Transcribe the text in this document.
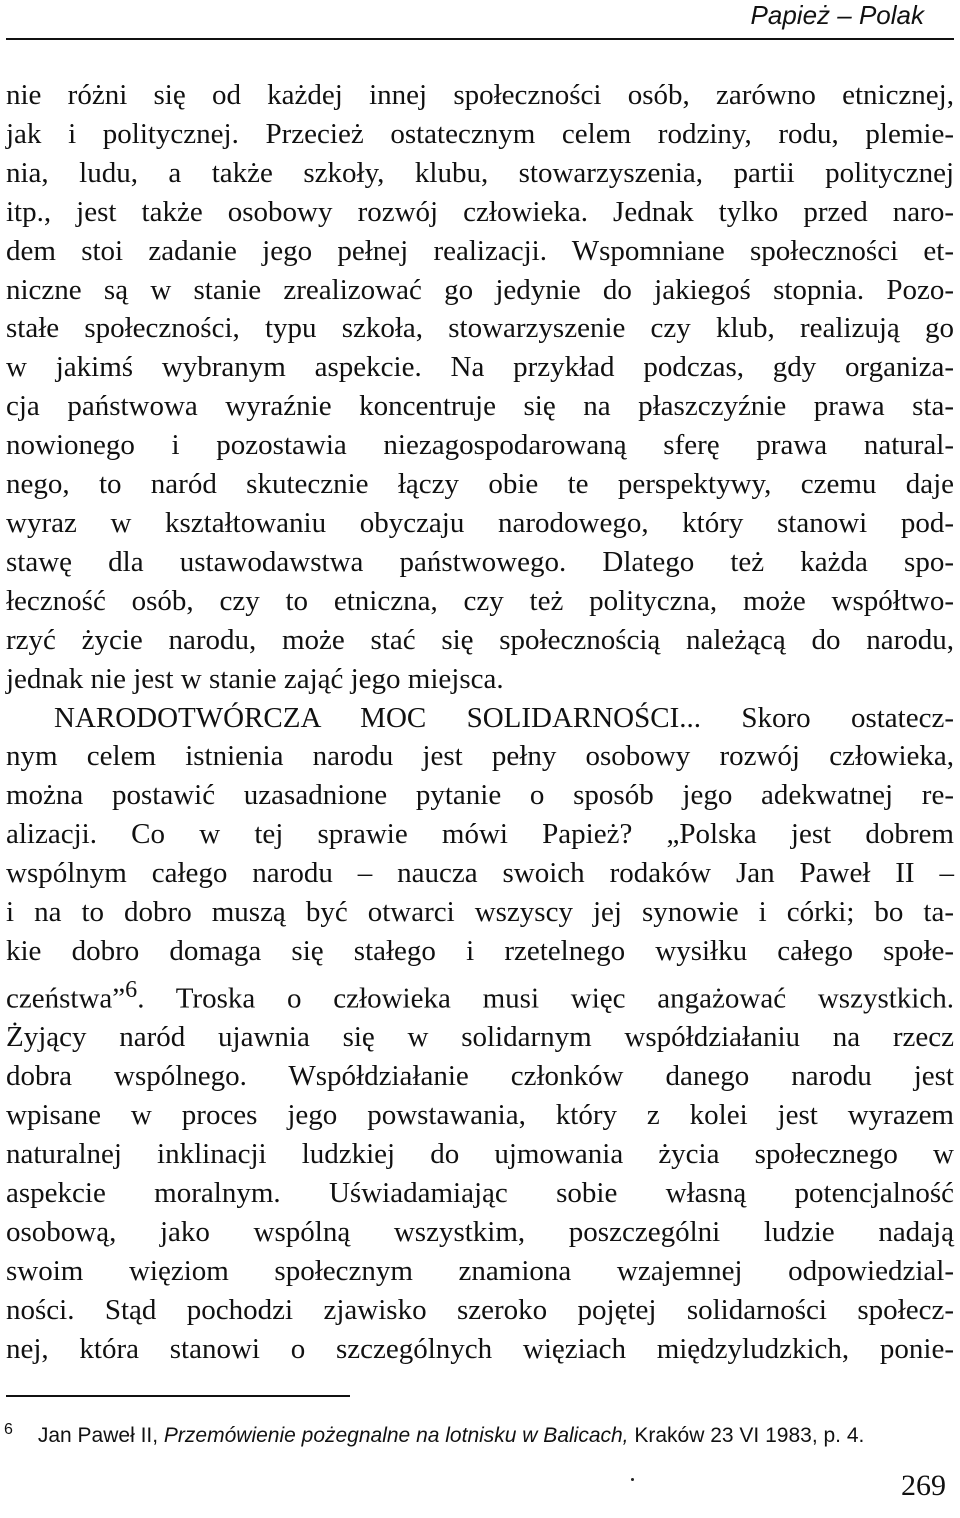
Papież – Polak
nie różni się od każdej innej społeczności osób, zarówno etnicznej,
jak i politycznej. Przecież ostatecznym celem rodziny, rodu, plemie-
nia, ludu, a także szkoły, klubu, stowarzyszenia, partii politycznej
itp., jest także osobowy rozwój człowieka. Jednak tylko przed naro-
dem stoi zadanie jego pełnej realizacji. Wspomniane społeczności et-
niczne są w stanie zrealizować go jedynie do jakiegoś stopnia. Pozo-
stałe społeczności, typu szkoła, stowarzyszenie czy klub, realizują go
w jakimś wybranym aspekcie. Na przykład podczas, gdy organiza-
cja państwowa wyraźnie koncentruje się na płaszczyźnie prawa sta-
nowionego i pozostawia niezagospodarowaną sferę prawa natural-
nego, to naród skutecznie łączy obie te perspektywy, czemu daje
wyraz w kształtowaniu obyczaju narodowego, który stanowi pod-
stawę dla ustawodawstwa państwowego. Dlatego też każda spo-
łeczność osób, czy to etniczna, czy też polityczna, może współtwo-
rzyć życie narodu, może stać się społecznością należącą do narodu,
jednak nie jest w stanie zająć jego miejsca.
NARODOTWÓRCZA MOC SOLIDARNOŚCI... Skoro ostatecz-
nym celem istnienia narodu jest pełny osobowy rozwój człowieka,
można postawić uzasadnione pytanie o sposób jego adekwatnej re-
alizacji. Co w tej sprawie mówi Papież? „Polska jest dobrem
wspólnym całego narodu – naucza swoich rodaków Jan Paweł II –
i na to dobro muszą być otwarci wszyscy jej synowie i córki; bo ta-
kie dobro domaga się stałego i rzetelnego wysiłku całego społe-
czeństwa”$^6$. Troska o człowieka musi więc angażować wszystkich.
Żyjący naród ujawnia się w solidarnym współdziałaniu na rzecz
dobra wspólnego. Współdziałanie członków danego narodu jest
wpisane w proces jego powstawania, który z kolei jest wyrazem
naturalnej inklinacji ludzkiej do ujmowania życia społecznego w
aspekcie moralnym. Uświadamiając sobie własną potencjalność
osobową, jako wspólną wszystkim, poszczególni ludzie nadają
swoim więziom społecznym znamiona wzajemnej odpowiedzial-
ności. Stąd pochodzi zjawisko szeroko pojętej solidarności społecz-
nej, która stanowi o szczególnych więziach międzyludzkich, ponie-
6 Jan Paweł II, Przemówienie pożegnalne na lotnisku w Balicach, Kraków 23 VI 1983, p. 4.
269
